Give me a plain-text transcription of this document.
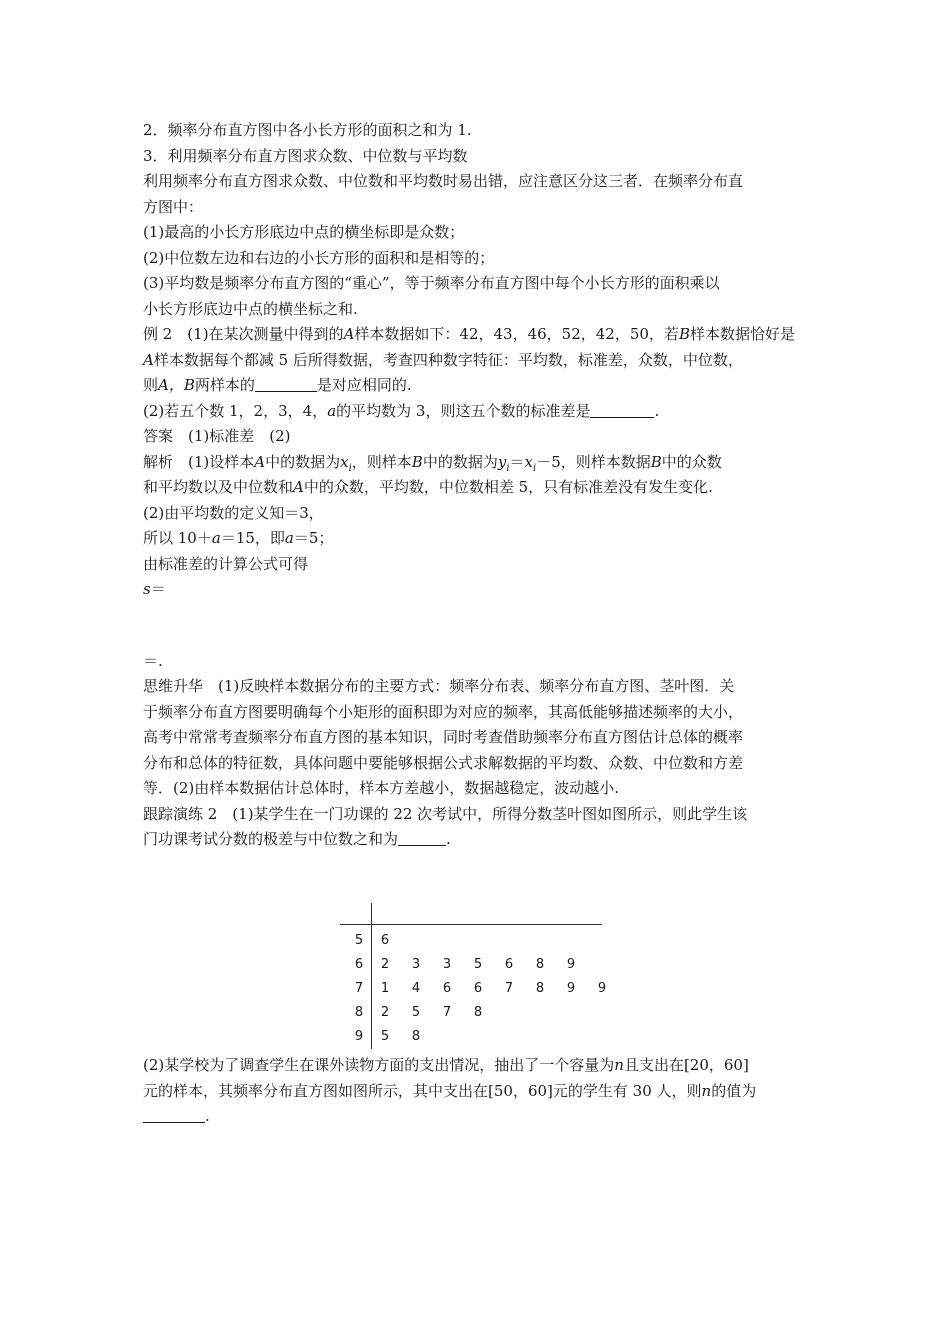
2．频率分布直方图中各小长方形的面积之和为 1.
3．利用频率分布直方图求众数、中位数与平均数
利用频率分布直方图求众数、中位数和平均数时易出错，应注意区分这三者．在频率分布直
方图中：
(1)最高的小长方形底边中点的横坐标即是众数；
(2)中位数左边和右边的小长方形的面积和是相等的；
(3)平均数是频率分布直方图的“重心”，等于频率分布直方图中每个小长方形的面积乘以
小长方形底边中点的横坐标之和.
例 2　(1)在某次测量中得到的A样本数据如下：42，43，46，52，42，50，若B样本数据恰好是
A样本数据每个都减 5 后所得数据，考查四种数字特征：平均数，标准差，众数，中位数，
则A，B两样本的	是对应相同的.
(2)若五个数 1，2，3，4，a的平均数为 3，则这五个数的标准差是	.
答案　(1)标准差　(2)
解析　(1)设样本A中的数据为$x_i$，则样本B中的数据为$y_i=x_i-5$，则样本数据B中的众数
和平均数以及中位数和A中的众数，平均数，中位数相差 5，只有标准差没有发生变化.
(2)由平均数的定义知＝3，
所以 10＋a＝15，即a＝5；
由标准差的计算公式可得
s＝
＝.
思维升华　(1)反映样本数据分布的主要方式：频率分布表、频率分布直方图、茎叶图．关
于频率分布直方图要明确每个小矩形的面积即为对应的频率，其高低能够描述频率的大小，
高考中常常考查频率分布直方图的基本知识，同时考查借助频率分布直方图估计总体的概率
分布和总体的特征数，具体问题中要能够根据公式求解数据的平均数、众数、中位数和方差
等．(2)由样本数据估计总体时，样本方差越小，数据越稳定，波动越小.
跟踪演练 2　(1)某学生在一门功课的 22 次考试中，所得分数茎叶图如图所示，则此学生该
门功课考试分数的极差与中位数之和为	.
5 6
6 2 3 3 5 6 8 9
7 1 4 6 6 7 8 9 9
8 2 5 7 8
9 5 8
(2)某学校为了调查学生在课外读物方面的支出情况，抽出了一个容量为n且支出在[20，60]
元的样本，其频率分布直方图如图所示，其中支出在[50，60]元的学生有 30 人，则n的值为
.
